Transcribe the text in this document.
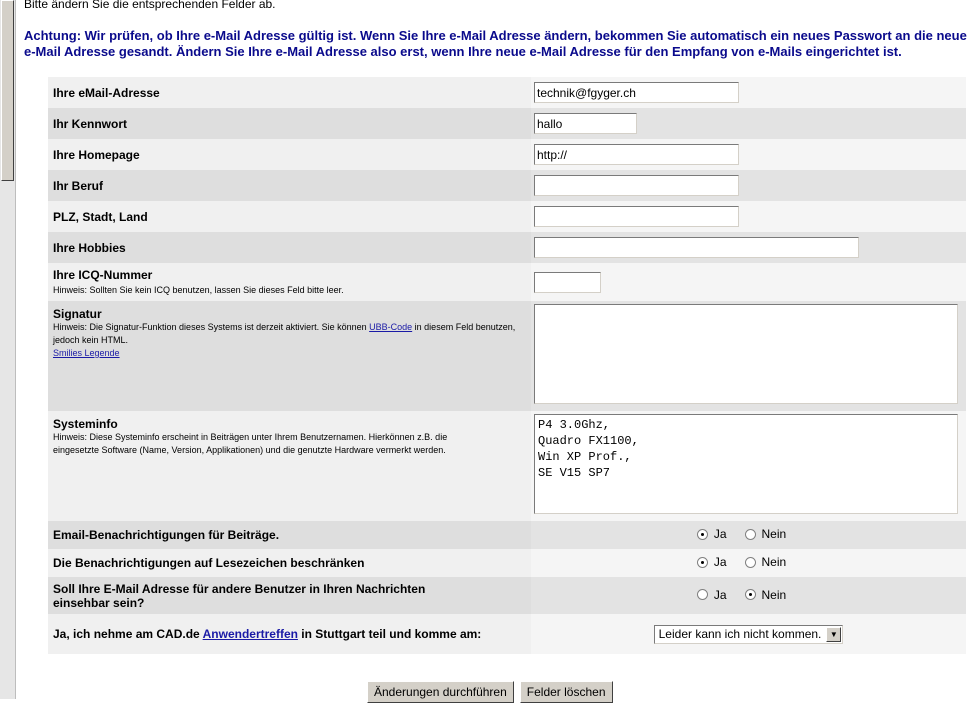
Bitte ändern Sie die entsprechenden Felder ab.
Achtung: Wir prüfen, ob Ihre e-Mail Adresse gültig ist. Wenn Sie Ihre e-Mail Adresse ändern, bekommen Sie automatisch ein neues Passwort an die neue e-Mail Adresse gesandt. Ändern Sie Ihre e-Mail Adresse also erst, wenn Ihre neue e-Mail Adresse für den Empfang von e-Mails eingerichtet ist.
Ihre eMail-Adresse
	technik@fgyger.ch

Ihr Kennwort
	hallo

Ihre Homepage
	http://

Ihr Beruf

PLZ, Stadt, Land

Ihre Hobbies

Ihre ICQ-Nummer
Hinweis: Sollten Sie kein ICQ benutzen, lassen Sie dieses Feld bitte leer.

Signatur
Hinweis: Die Signatur-Funktion dieses Systems ist derzeit aktiviert. Sie können UBB-Code in diesem Feld benutzen, jedoch kein HTML.
Smilies Legende

Systeminfo
Hinweis: Diese Systeminfo erscheint in Beiträgen unter Ihrem Benutzernamen. Hierkönnen z.B. die eingesetzte Software (Name, Version, Applikationen) und die genutzte Hardware vermerkt werden.
	P4 3.0Ghz, Quadro FX1100, Win XP Prof., SE V15 SP7

Email-Benachrichtigungen für Beiträge.	Ja Nein

Die Benachrichtigungen auf Lesezeichen beschränken	Ja Nein

Soll Ihre E-Mail Adresse für andere Benutzer in Ihren Nachrichten einsehbar sein?	Ja Nein

Ja, ich nehme am CAD.de Anwendertreffen in Stuttgart teil und komme am:	Leider kann ich nicht kommen. ▼
Änderungen durchführen	Felder löschen
